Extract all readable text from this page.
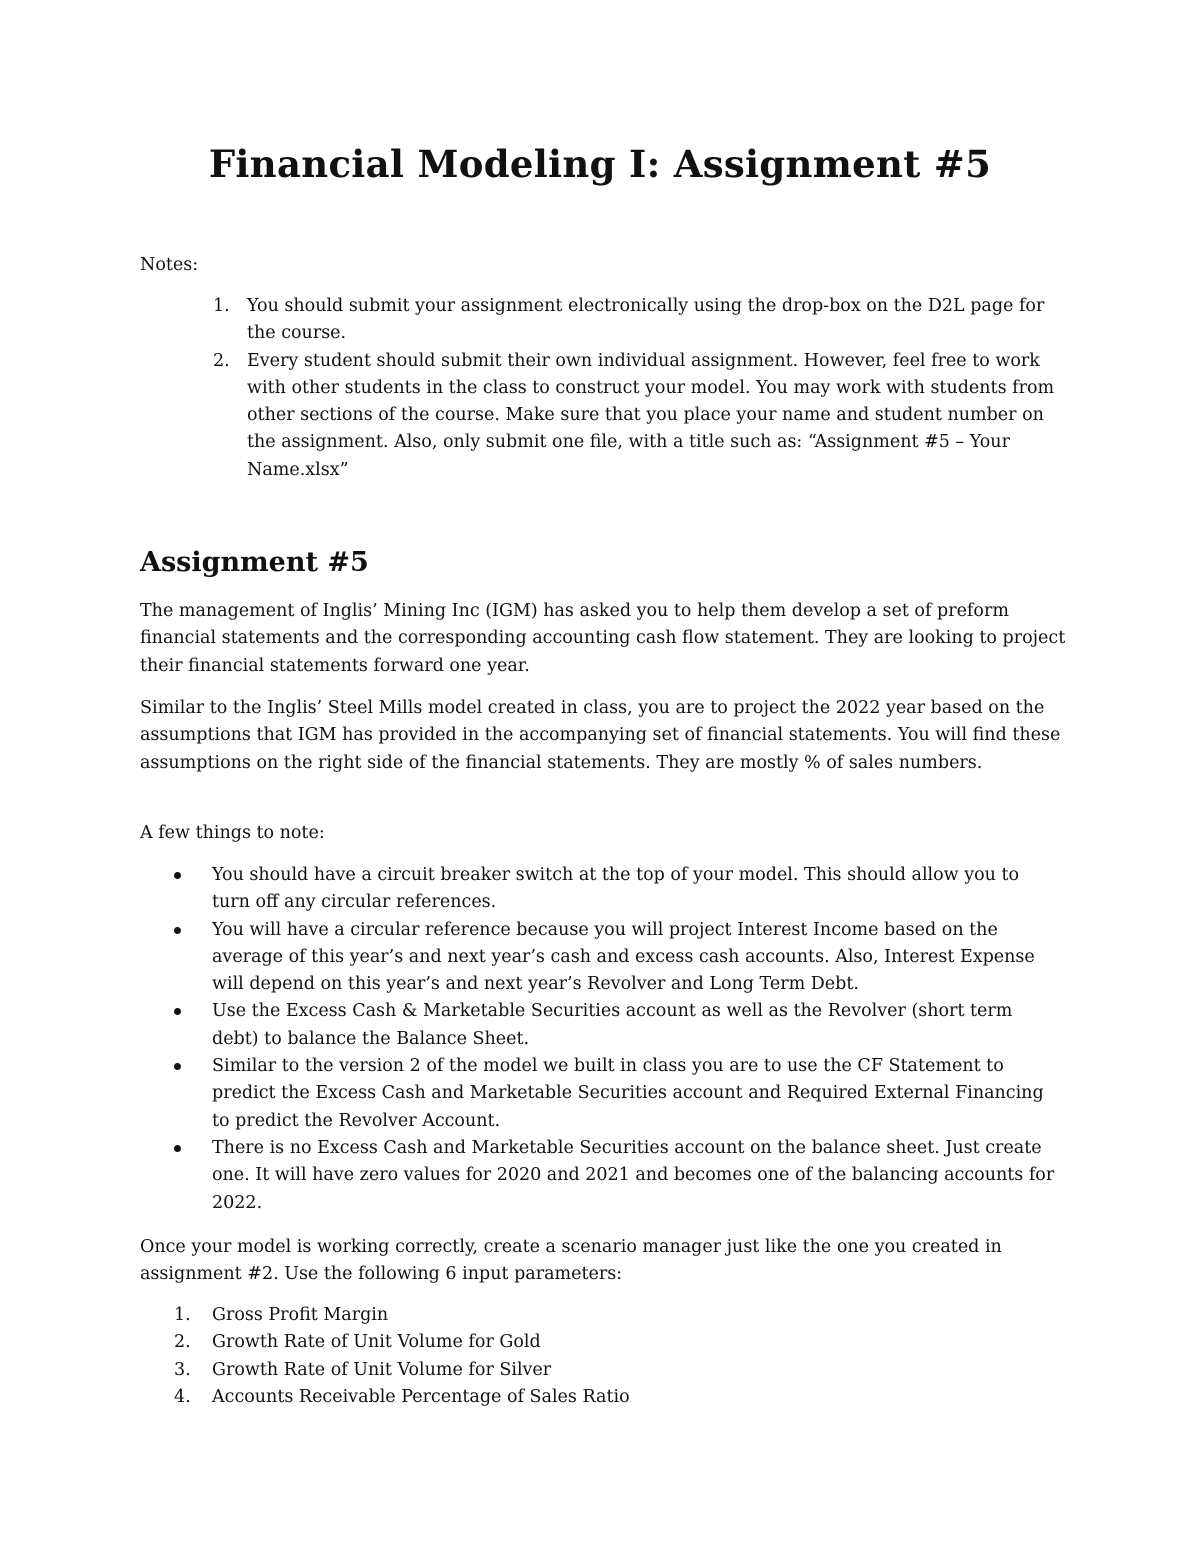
Financial Modeling I: Assignment #5

Notes:

1. You should submit your assignment electronically using the drop-box on the D2L page for the course.
2. Every student should submit their own individual assignment. However, feel free to work with other students in the class to construct your model. You may work with students from other sections of the course. Make sure that you place your name and student number on the assignment. Also, only submit one file, with a title such as: “Assignment #5 – Your Name.xlsx”
Assignment #5

The management of Inglis’ Mining Inc (IGM) has asked you to help them develop a set of preform financial statements and the corresponding accounting cash flow statement. They are looking to project their financial statements forward one year.

Similar to the Inglis’ Steel Mills model created in class, you are to project the 2022 year based on the assumptions that IGM has provided in the accompanying set of financial statements. You will find these assumptions on the right side of the financial statements. They are mostly % of sales numbers.

A few things to note:

You should have a circuit breaker switch at the top of your model. This should allow you to turn off any circular references.
You will have a circular reference because you will project Interest Income based on the average of this year’s and next year’s cash and excess cash accounts. Also, Interest Expense will depend on this year’s and next year’s Revolver and Long Term Debt.
Use the Excess Cash & Marketable Securities account as well as the Revolver (short term debt) to balance the Balance Sheet.
Similar to the version 2 of the model we built in class you are to use the CF Statement to predict the Excess Cash and Marketable Securities account and Required External Financing to predict the Revolver Account.
There is no Excess Cash and Marketable Securities account on the balance sheet. Just create one. It will have zero values for 2020 and 2021 and becomes one of the balancing accounts for 2022.

Once your model is working correctly, create a scenario manager just like the one you created in assignment #2. Use the following 6 input parameters:

1. Gross Profit Margin
2. Growth Rate of Unit Volume for Gold
3. Growth Rate of Unit Volume for Silver
4. Accounts Receivable Percentage of Sales Ratio
